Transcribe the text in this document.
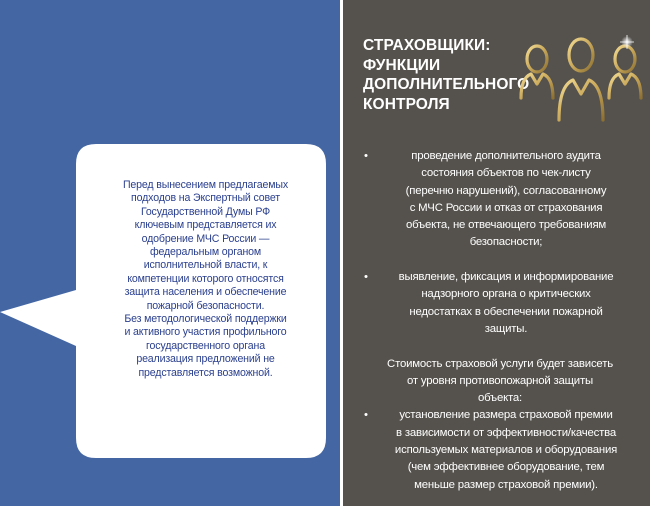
Перед вынесением предлагаемых
подходов на Экспертный совет
Государственной Думы РФ
ключевым представляется их
одобрение МЧС России —
федеральным органом
исполнительной власти, к
компетенции которого относятся
защита населения и обеспечение
пожарной безопасности.
Без методологической поддержки
и активного участия профильного
государственного органа
реализация предложений не
представляется возможной.
СТРАХОВЩИКИ:
ФУНКЦИИ
ДОПОЛНИТЕЛЬНОГО
КОНТРОЛЯ
•	проведение дополнительного аудита
состояния объектов по чек-листу
(перечню нарушений), согласованному
с МЧС России и отказ от страхования
объекта, не отвечающего требованиям
безопасности;
•	выявление, фиксация и информирование
надзорного органа о критических
недостатках в обеспечении пожарной
защиты.
Стоимость страховой услуги будет зависеть
от уровня противопожарной защиты
объекта:
•	установление размера страховой премии
в зависимости от эффективности/качества
используемых материалов и оборудования
(чем эффективнее оборудование, тем
меньше размер страховой премии).
